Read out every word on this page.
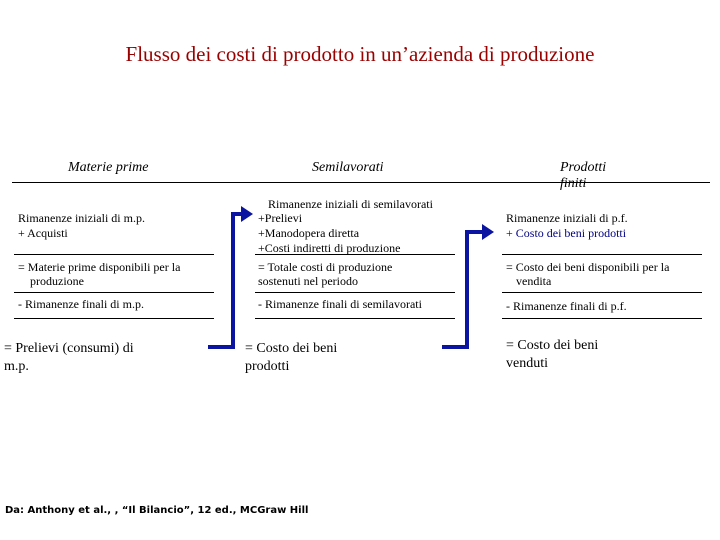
Flusso dei costi di prodotto in un’azienda di produzione
Materie prime	Semilavorati	Prodotti finiti
Rimanenze iniziali di m.p.
+ Acquisti
= Materie prime disponibili per la
produzione
- Rimanenze finali di m.p.
= Prelievi (consumi) di
m.p.
Rimanenze iniziali di semilavorati
+Prelievi
+Manodopera diretta
+Costi indiretti di produzione
= Totale costi di produzione
sostenuti nel periodo
- Rimanenze finali di semilavorati
= Costo dei beni
prodotti
Rimanenze iniziali di p.f.
+ Costo dei beni prodotti
= Costo dei beni disponibili per la
vendita
- Rimanenze finali di p.f.
= Costo dei beni
venduti
Da: Anthony et al., , “Il Bilancio”, 12 ed., MCGraw Hill
